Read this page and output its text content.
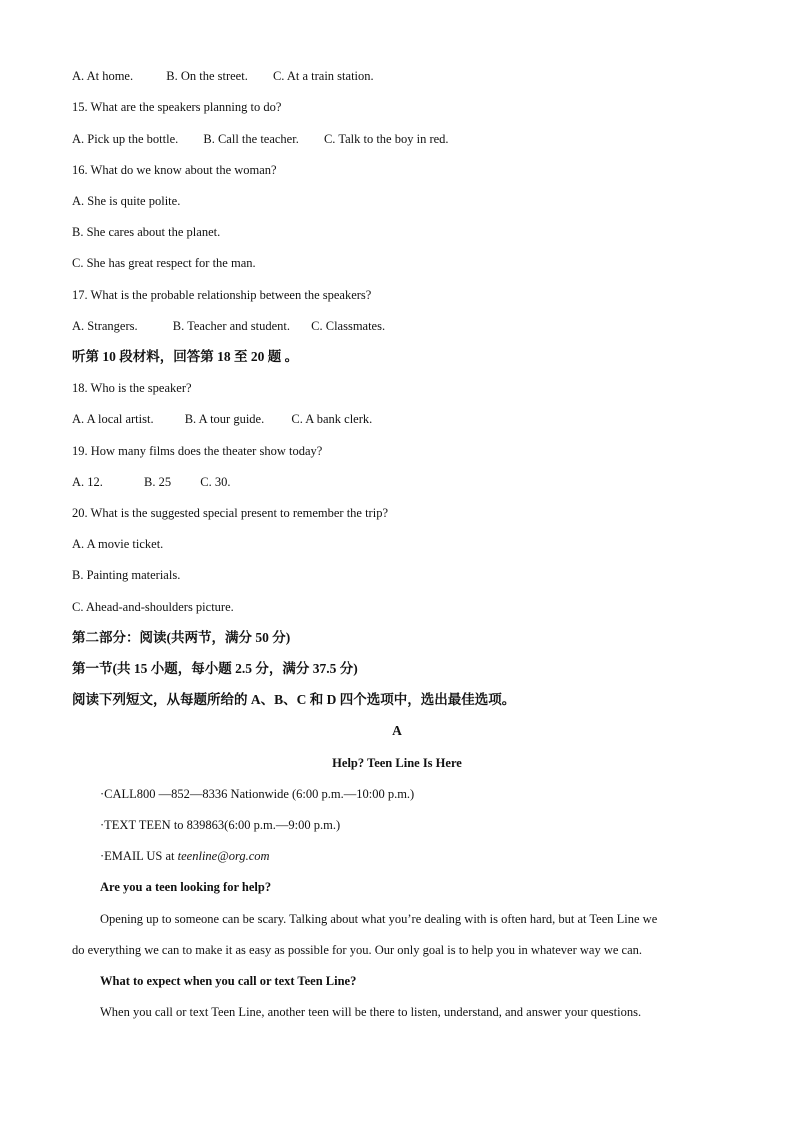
A. At home.	B. On the street. C. At a train station.
15. What are the speakers planning to do?
A. Pick up the bottle. B. Call the teacher. C. Talk to the boy in red.
16. What do we know about the woman?
A. She is quite polite.
B. She cares about the planet.
C. She has great respect for the man.
17. What is the probable relationship between the speakers?
A. Strangers.	B. Teacher and student. C. Classmates.
听第 10 段材料，回答第 18 至 20 题 。
18. Who is the speaker?
A. A local artist. B. A tour guide. C. A bank clerk.
19. How many films does the theater show today?
A. 12.	B. 25 C. 30.
20. What is the suggested special present to remember the trip?
A. A movie ticket.
B. Painting materials.
C. Ahead-and-shoulders picture.
第二部分：阅读(共两节，满分 50 分)
第一节(共 15 小题，每小题 2.5 分，满分 37.5 分)
阅读下列短文，从每题所给的 A、B、C 和 D 四个选项中，选出最佳选项。
A
Help? Teen Line Is Here
·CALL800 —852—8336 Nationwide (6:00 p.m.—10:00 p.m.)
·TEXT TEEN to 839863(6:00 p.m.—9:00 p.m.)
·EMAIL US at teenline@org.com
Are you a teen looking for help?
Opening up to someone can be scary. Talking about what you’re dealing with is often hard, but at Teen Line we
do everything we can to make it as easy as possible for you. Our only goal is to help you in whatever way we can.
What to expect when you call or text Teen Line?
When you call or text Teen Line, another teen will be there to listen, understand, and answer your questions.
